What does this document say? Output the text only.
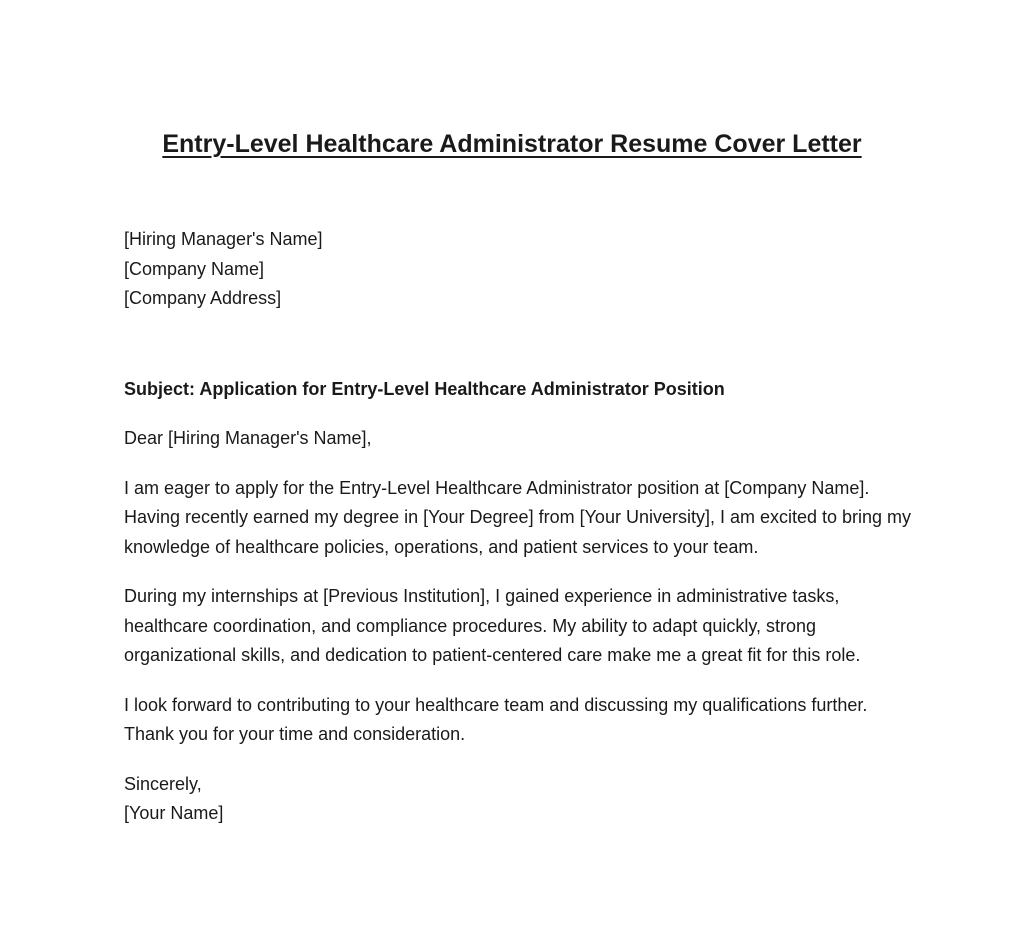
Entry-Level Healthcare Administrator Resume Cover Letter
[Hiring Manager's Name]
[Company Name]
[Company Address]

Subject: Application for Entry-Level Healthcare Administrator Position

Dear [Hiring Manager's Name],

I am eager to apply for the Entry-Level Healthcare Administrator position at [Company Name]. Having recently earned my degree in [Your Degree] from [Your University], I am excited to bring my knowledge of healthcare policies, operations, and patient services to your team.

During my internships at [Previous Institution], I gained experience in administrative tasks, healthcare coordination, and compliance procedures. My ability to adapt quickly, strong organizational skills, and dedication to patient-centered care make me a great fit for this role.

I look forward to contributing to your healthcare team and discussing my qualifications further. Thank you for your time and consideration.

Sincerely,
[Your Name]
